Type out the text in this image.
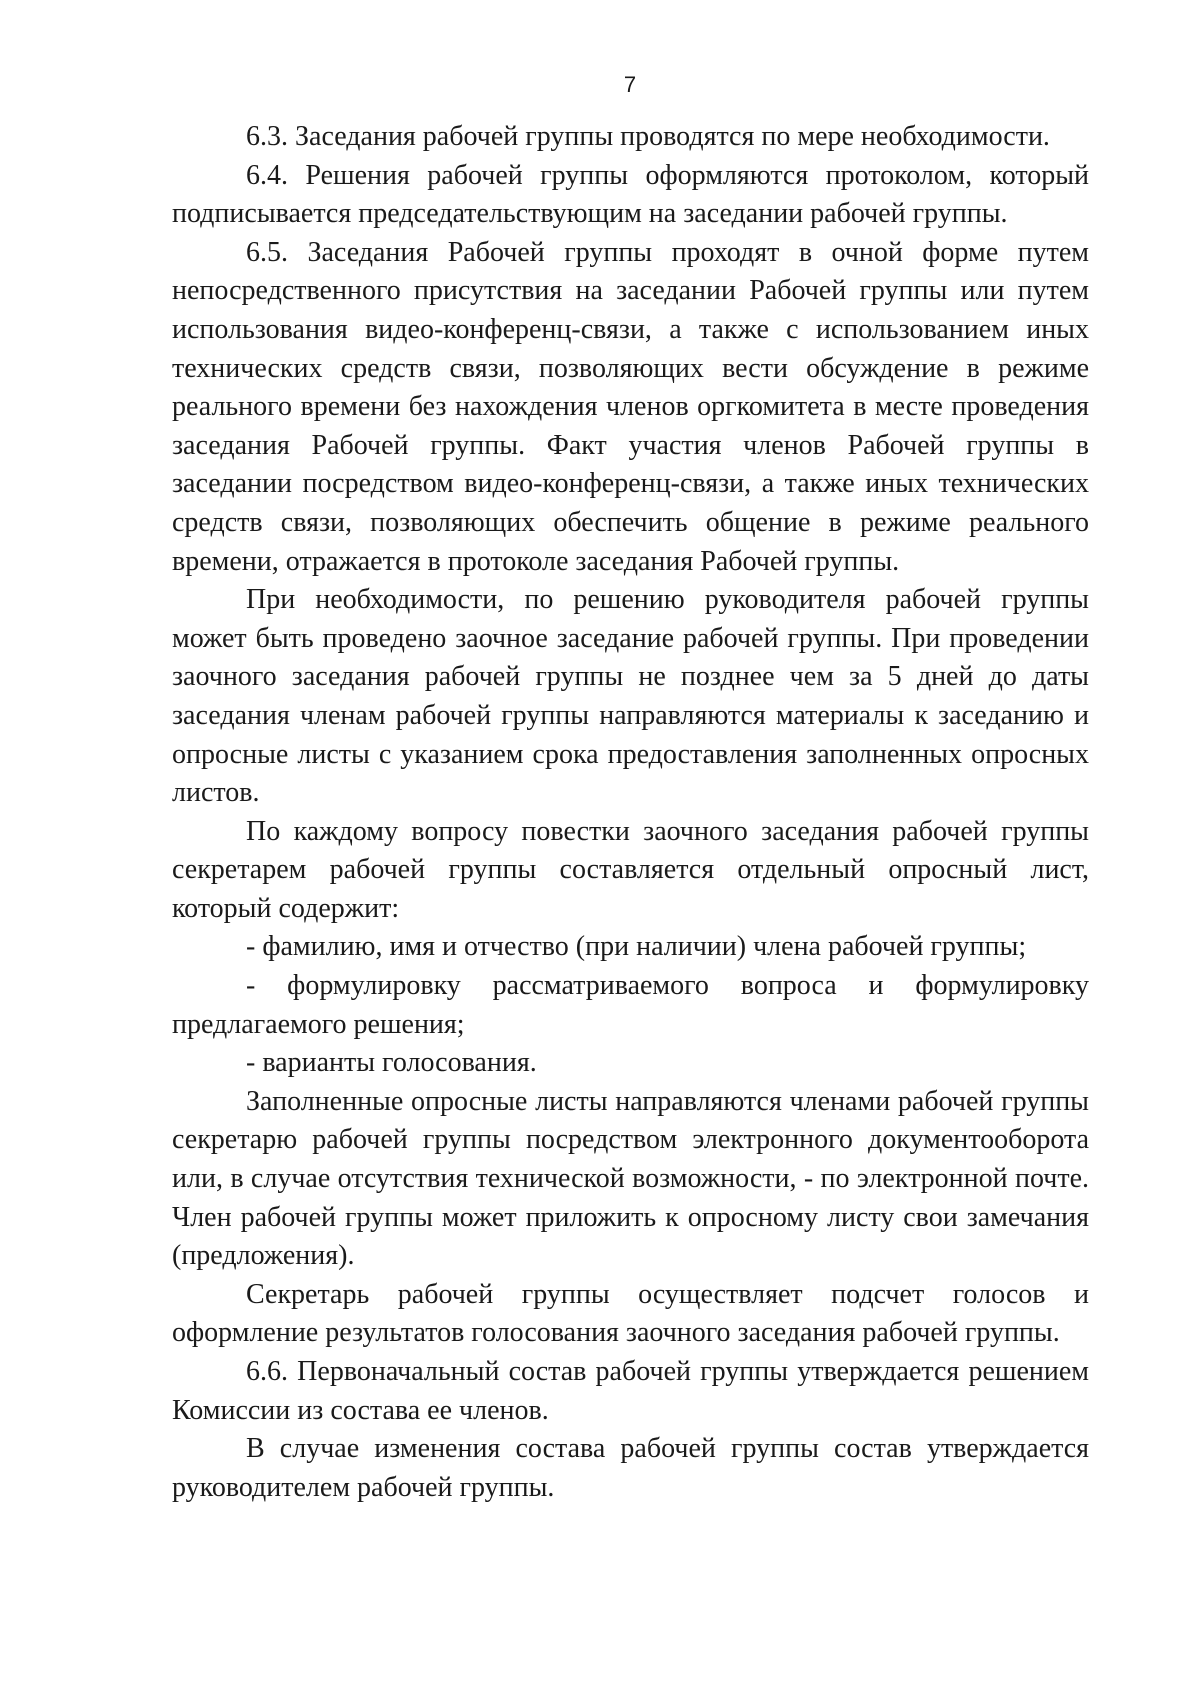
7

6.3. Заседания рабочей группы проводятся по мере необходимости.

6.4. Решения рабочей группы оформляются протоколом, который подписывается председательствующим на заседании рабочей группы.

6.5. Заседания Рабочей группы проходят в очной форме путем непосредственного присутствия на заседании Рабочей группы или путем использования видео-конференц-связи, а также с использованием иных технических средств связи, позволяющих вести обсуждение в режиме реального времени без нахождения членов оргкомитета в месте проведения заседания Рабочей группы. Факт участия членов Рабочей группы в заседании посредством видео-конференц-связи, а также иных технических средств связи, позволяющих обеспечить общение в режиме реального времени, отражается в протоколе заседания Рабочей группы.

При необходимости, по решению руководителя рабочей группы может быть проведено заочное заседание рабочей группы. При проведении заочного заседания рабочей группы не позднее чем за 5 дней до даты заседания членам рабочей группы направляются материалы к заседанию и опросные листы с указанием срока предоставления заполненных опросных листов.

По каждому вопросу повестки заочного заседания рабочей группы секретарем рабочей группы составляется отдельный опросный лист, который содержит:

- фамилию, имя и отчество (при наличии) члена рабочей группы;

- формулировку рассматриваемого вопроса и формулировку предлагаемого решения;

- варианты голосования.

Заполненные опросные листы направляются членами рабочей группы секретарю рабочей группы посредством электронного документооборота или, в случае отсутствия технической возможности, - по электронной почте. Член рабочей группы может приложить к опросному листу свои замечания (предложения).

Секретарь рабочей группы осуществляет подсчет голосов и оформление результатов голосования заочного заседания рабочей группы.

6.6. Первоначальный состав рабочей группы утверждается решением Комиссии из состава ее членов.

В случае изменения состава рабочей группы состав утверждается руководителем рабочей группы.
